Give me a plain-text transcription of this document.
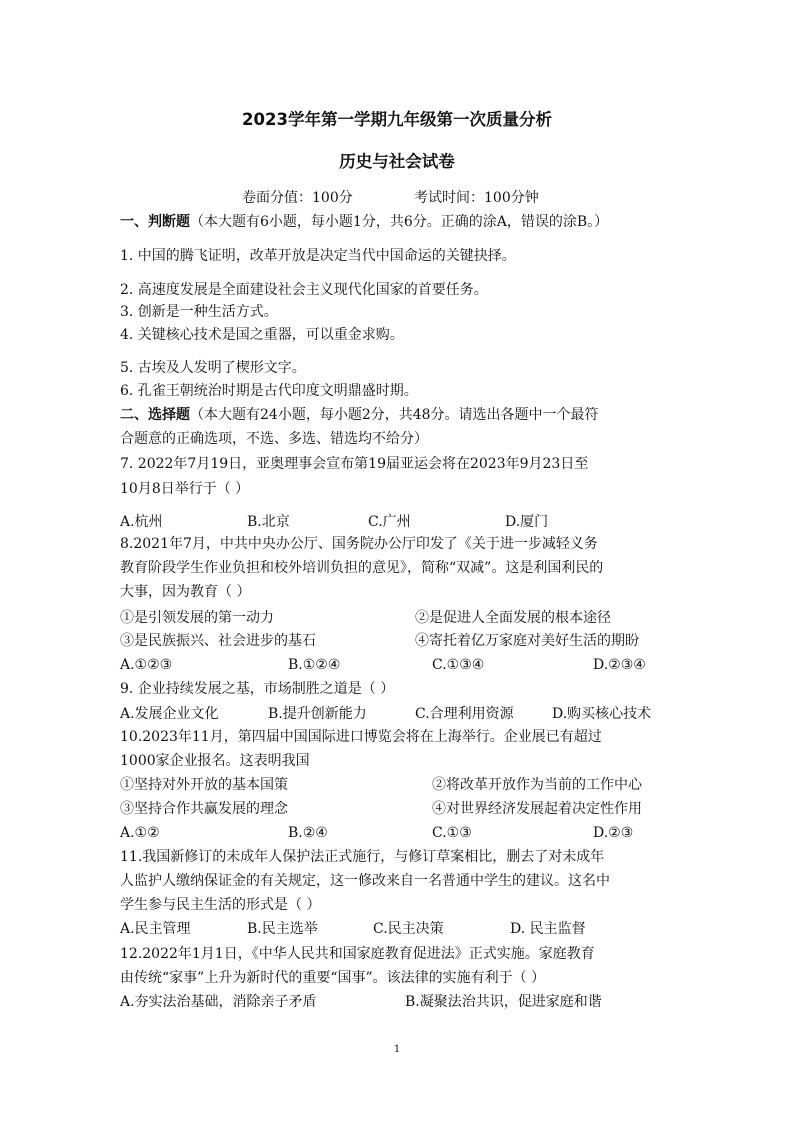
2023学年第一学期九年级第一次质量分析
历史与社会试卷
卷面分值：100分	考试时间：100分钟
一、判断题（本大题有6小题，每小题1分，共6分。正确的涂A，错误的涂B。）
1. 中国的腾飞证明，改革开放是决定当代中国命运的关键抉择。
2. 高速度发展是全面建设社会主义现代化国家的首要任务。
3. 创新是一种生活方式。
4. 关键核心技术是国之重器，可以重金求购。
5. 古埃及人发明了楔形文字。
6. 孔雀王朝统治时期是古代印度文明鼎盛时期。
二、选择题（本大题有24小题，每小题2分，共48分。请选出各题中一个最符
合题意的正确选项，不选、多选、错选均不给分）
7. 2022年7月19日，亚奥理事会宣布第19届亚运会将在2023年9月23日至
10月8日举行于（ ）
A.杭州	B.北京	C.广州	D.厦门
8.2021年7月，中共中央办公厅、国务院办公厅印发了《关于进一步减轻义务
教育阶段学生作业负担和校外培训负担的意见》，简称“双减”。这是利国利民的
大事，因为教育（ ）
①是引领发展的第一动力	②是促进人全面发展的根本途径
③是民族振兴、社会进步的基石	④寄托着亿万家庭对美好生活的期盼
A.①②③	B.①②④	C.①③④	D.②③④
9. 企业持续发展之基，市场制胜之道是（ ）
A.发展企业文化	B.提升创新能力	C.合理利用资源	D.购买核心技术
10.2023年11月，第四届中国国际进口博览会将在上海举行。企业展已有超过
1000家企业报名。这表明我国
①坚持对外开放的基本国策	②将改革开放作为当前的工作中心
③坚持合作共赢发展的理念	④对世界经济发展起着决定性作用
A.①②	B.②④	C.①③	D.②③
11.我国新修订的未成年人保护法正式施行，与修订草案相比，删去了对未成年
人监护人缴纳保证金的有关规定，这一修改来自一名普通中学生的建议。这名中
学生参与民主生活的形式是（ ）
A.民主管理	B.民主选举	C.民主决策	D. 民主监督
12.2022年1月1日，《中华人民共和国家庭教育促进法》正式实施。家庭教育
由传统“家事”上升为新时代的重要“国事”。该法律的实施有利于（ ）
A.夯实法治基础，消除亲子矛盾	B.凝聚法治共识，促进家庭和谐
1
